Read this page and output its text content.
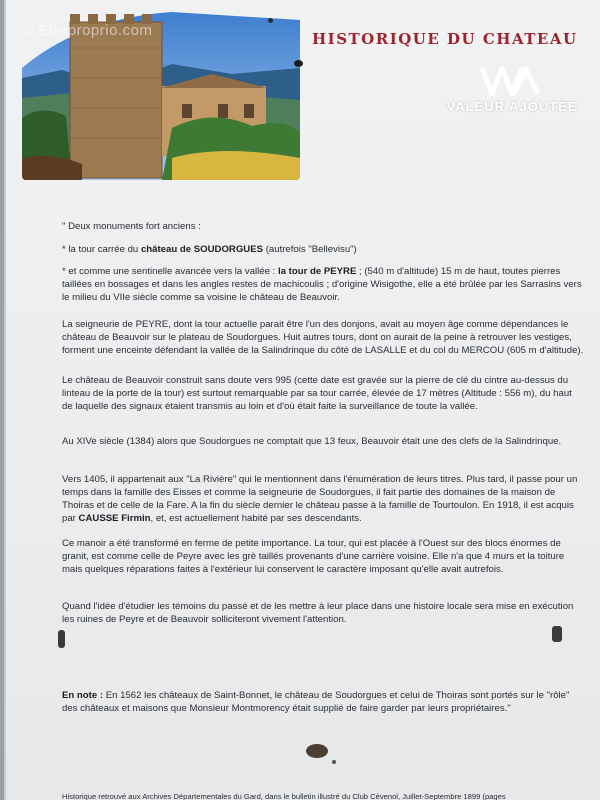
© Etreproprio.com	HISTORIQUE DU CHATEAU
VALEUR AJOUTÉE
" Deux monuments fort anciens :
* la tour carrée du château de SOUDORGUES (autrefois "Bellevisu")
* et comme une sentinelle avancée vers la vallée : la tour de PEYRE ; (540 m d'altitude) 15 m de haut, toutes pierres taillées en bossages et dans les angles restes de machicoulis ; d'origine Wisigothe, elle a été brûlée par les Sarrasins vers le milieu du VIIe siècle comme sa voisine le château de Beauvoir.
La seigneurie de PEYRE, dont la tour actuelle parait être l'un des donjons, avait au moyen âge comme dépendances le château de Beauvoir sur le plateau de Soudorgues. Huit autres tours, dont on aurait de la peine à retrouver les vestiges, forment une enceinte défendant la vallée de la Salindrinque du côté de LASALLE et du col du MERCOU (605 m d'altitude).
Le château de Beauvoir construit sans doute vers 995 (cette date est gravée sur la pierre de clé du cintre au-dessus du linteau de la porte de la tour) est surtout remarquable par sa tour carrée, élevée de 17 mètres (Altitude : 556 m), du haut de laquelle des signaux étaient transmis au loin et d'où était faite la surveillance de toute la vallée.
Au XIVe siècle (1384) alors que Soudorgues ne comptait que 13 feux, Beauvoir était une des clefs de la Salindrinque.
Vers 1405, il appartenait aux "La Rivière" qui le mentionnent dans l'énumération de leurs titres. Plus tard, il passe pour un temps dans la famille des Eisses et comme la seigneurie de Soudorgues, il fait partie des domaines de la maison de Thoiras et de celle de la Fare. A la fin du siècle dernier le château passe à la famille de Tourtoulon. En 1918, il est acquis par CAUSSE Firmin, et, est actuellement habité par ses descendants.
Ce manoir a été transformé en ferme de petite importance. La tour, qui est placée à l'Ouest sur des blocs énormes de granit, est comme celle de Peyre avec les grè taillés provenants d'une carrière voisine. Elle n'a que 4 murs et la toiture mais quelques réparations faites à l'extérieur lui conservent le caractère imposant qu'elle avait autrefois.
Quand l'idée d'étudier les témoins du passé et de les mettre à leur place dans une histoire locale sera mise en exécution les ruines de Peyre et de Beauvoir solliciteront vivement l'attention.
En note : En 1562 les châteaux de Saint-Bonnet, le château de Soudorgues et celui de Thoiras sont portés sur le "rôle" des châteaux et maisons que Monsieur Montmorency était supplié de faire garder par leurs propriétaires."
Historique retrouvé aux Archives Départementales du Gard, dans le bulletin illustré du Club Cévenol, Juillet-Septembre 1899 (pages
